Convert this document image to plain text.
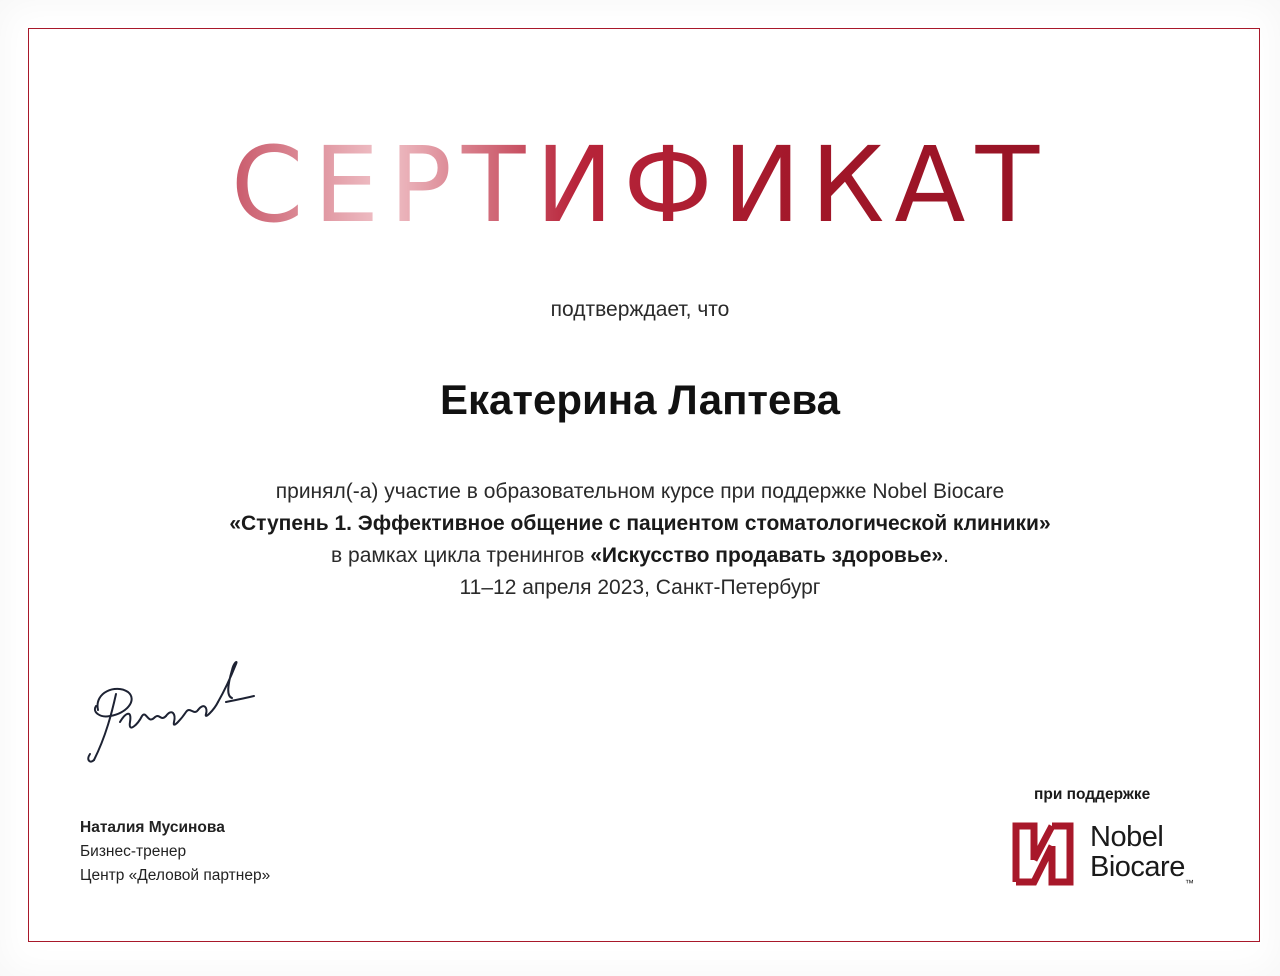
СЕРТИФИКАТ
подтверждает, что
Екатерина Лаптева
принял(-а) участие в образовательном курсе при поддержке Nobel Biocare
«Ступень 1. Эффективное общение с пациентом стоматологической клиники»
в рамках цикла тренингов «Искусство продавать здоровье».
11–12 апреля 2023, Санкт-Петербург
Наталия Мусинова
Бизнес-тренер
Центр «Деловой партнер»
при поддержке
Nobel
Biocare™
